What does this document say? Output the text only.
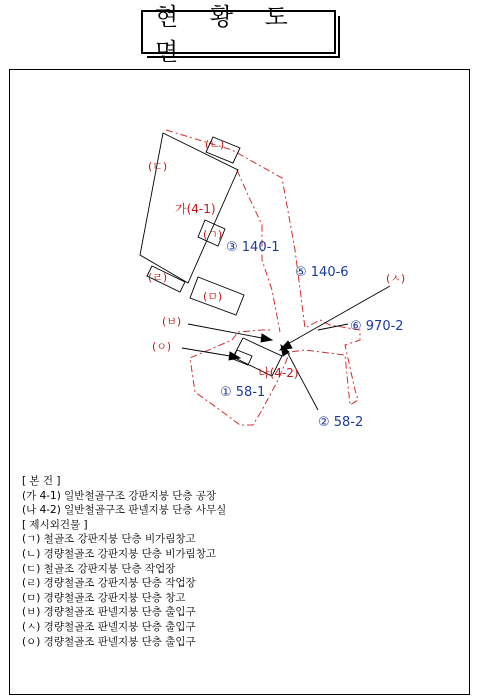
현 황 도 면
가(4-1)
나(4-2)
(ㄴ)
(ㄷ)
(ㄱ)
(ㄹ)
(ㅁ)
(ㅂ)
(ㅇ)
(ㅅ)
③ 140-1
⑤ 140-6
⑥ 970-2
① 58-1
② 58-2
[ 본 건 ]
(가 4-1) 일반철골구조 강판지붕 단층 공장
(나 4-2) 일반철골구조 판넬지붕 단층 사무실
[ 제시외건물 ]
(ㄱ) 철골조 강판지붕 단층 비가림창고
(ㄴ) 경량철골조 강판지붕 단층 비가림창고
(ㄷ) 철골조 강판지붕 단층 작업장
(ㄹ) 경량철골조 강판지붕 단층 작업장
(ㅁ) 경량철골조 강판지붕 단층 창고
(ㅂ) 경량철골조 판넬지붕 단층 출입구
(ㅅ) 경량철골조 판넬지붕 단층 출입구
(ㅇ) 경량철골조 판넬지붕 단층 출입구
